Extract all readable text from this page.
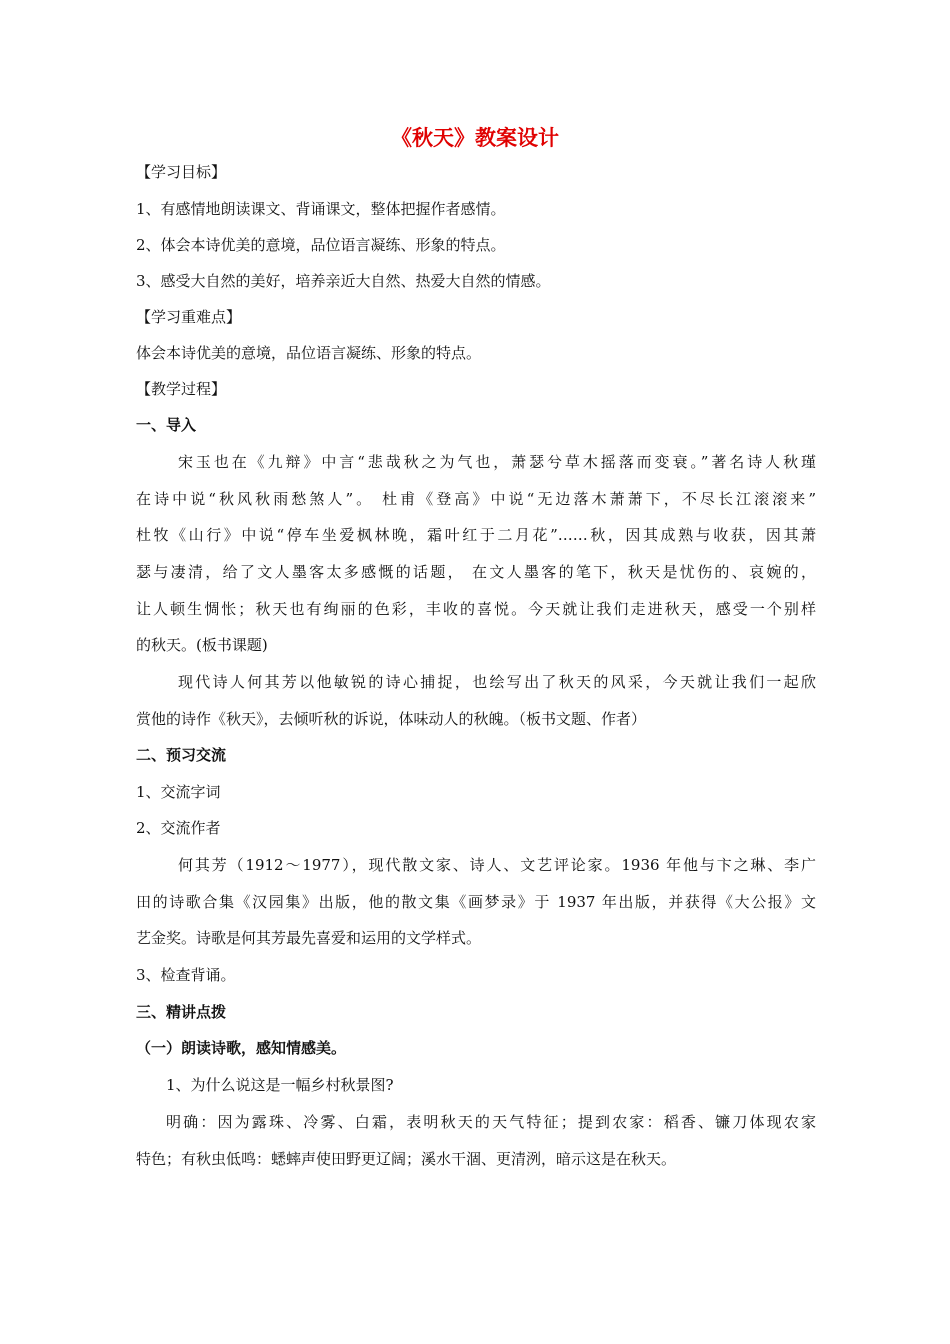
《秋天》教案设计
【学习目标】
1、有感情地朗读课文、背诵课文，整体把握作者感情。
2、体会本诗优美的意境，品位语言凝练、形象的特点。
3、感受大自然的美好，培养亲近大自然、热爱大自然的情感。
【学习重难点】
体会本诗优美的意境，品位语言凝练、形象的特点。
【教学过程】
一、导入
宋玉也在《九辩》中言“悲哉秋之为气也，萧瑟兮草木摇落而变衰。”著名诗人秋瑾
在诗中说“秋风秋雨愁煞人”。 杜甫《登高》中说“无边落木萧萧下，不尽长江滚滚来”
杜牧《山行》中说“停车坐爱枫林晚，霜叶红于二月花”……秋，因其成熟与收获，因其萧
瑟与凄清，给了文人墨客太多感慨的话题， 在文人墨客的笔下，秋天是忧伤的、哀婉的，
让人顿生惆怅；秋天也有绚丽的色彩，丰收的喜悦。今天就让我们走进秋天，感受一个别样
的秋天。(板书课题)
现代诗人何其芳以他敏锐的诗心捕捉，也绘写出了秋天的风采，今天就让我们一起欣
赏他的诗作《秋天》，去倾听秋的诉说，体味动人的秋魄。（板书文题、作者）
二、预习交流
1、交流字词
2、交流作者
何其芳（1912～1977），现代散文家、诗人、文艺评论家。1936 年他与卞之琳、李广
田的诗歌合集《汉园集》出版，他的散文集《画梦录》于 1937 年出版，并获得《大公报》文
艺金奖。诗歌是何其芳最先喜爱和运用的文学样式。
3、检查背诵。
三、精讲点拨
（一）朗读诗歌，感知情感美。
1、为什么说这是一幅乡村秋景图?
明确：因为露珠、冷雾、白霜，表明秋天的天气特征；提到农家：稻香、镰刀体现农家
特色；有秋虫低鸣：蟋蟀声使田野更辽阔；溪水干涸、更清洌，暗示这是在秋天。
